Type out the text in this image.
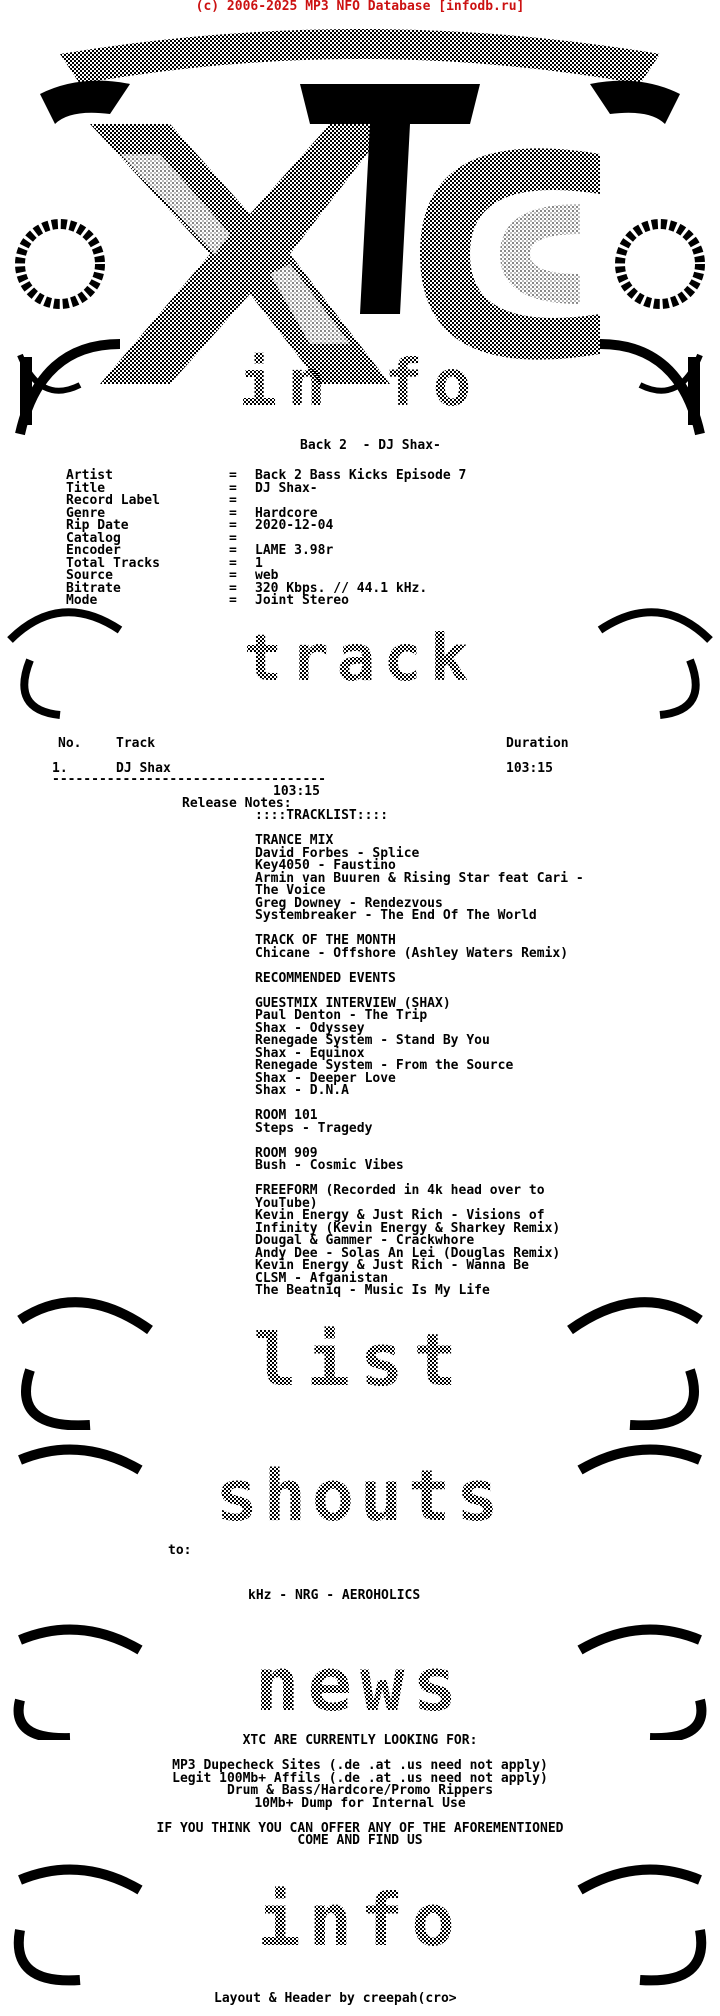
(c) 2006-2025 MP3 NFO Database [infodb.ru]
in fo
Back 2  - DJ Shax-
Artist	= Back 2 Bass Kicks Episode 7
Title	= DJ Shax-
Record Label	=
Genre	= Hardcore
Rip Date	= 2020-12-04
Catalog	=
Encoder	= LAME 3.98r
Total Tracks	= 1
Source	= web
Bitrate	= 320 Kbps. // 44.1 kHz.
Mode	= Joint Stereo
track
No.	Track	Duration
1.	DJ Shax	103:15
-----------------------------------
103:15
Release Notes:
::::TRACKLIST::::
TRANCE MIX
David Forbes - Splice
Key4050 - Faustino
Armin van Buuren & Rising Star feat Cari -
The Voice
Greg Downey - Rendezvous
Systembreaker - The End Of The World
TRACK OF THE MONTH
Chicane - Offshore (Ashley Waters Remix)
RECOMMENDED EVENTS
GUESTMIX INTERVIEW (SHAX)
Paul Denton - The Trip
Shax - Odyssey
Renegade System - Stand By You
Shax - Equinox
Renegade System - From the Source
Shax - Deeper Love
Shax - D.N.A
ROOM 101
Steps - Tragedy
ROOM 909
Bush - Cosmic Vibes
FREEFORM (Recorded in 4k head over to
YouTube)
Kevin Energy & Just Rich - Visions of
Infinity (Kevin Energy & Sharkey Remix)
Dougal & Gammer - Crackwhore
Andy Dee - Solas An Lei (Douglas Remix)
Kevin Energy & Just Rich - Wanna Be
CLSM - Afganistan
The Beatniq - Music Is My Life
list
shouts
to:
kHz - NRG - AEROHOLICS
news
XTC ARE CURRENTLY LOOKING FOR:
MP3 Dupecheck Sites (.de .at .us need not apply)
Legit 100Mb+ Affils (.de .at .us need not apply)
Drum & Bass/Hardcore/Promo Rippers
10Mb+ Dump for Internal Use
IF YOU THINK YOU CAN OFFER ANY OF THE AFOREMENTIONED
COME AND FIND US
info
Layout & Header by creepah(cro>
